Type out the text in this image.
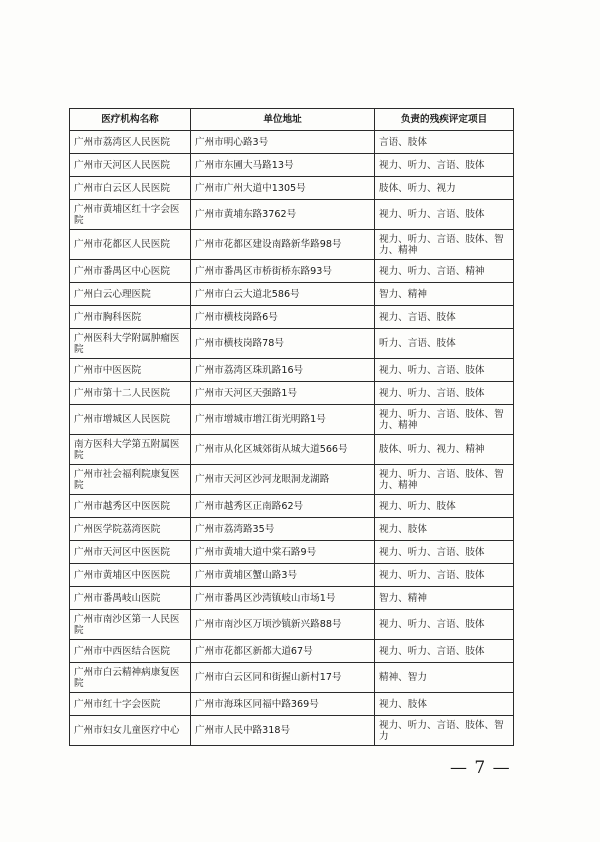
医疗机构名称	单位地址	负责的残疾评定项目
广州市荔湾区人民医院	广州市明心路3号	言语、肢体
广州市天河区人民医院	广州市东圃大马路13号	视力、听力、言语、肢体
广州市白云区人民医院	广州市广州大道中1305号	肢体、听力、视力
广州市黄埔区红十字会医院	广州市黄埔东路3762号	视力、听力、言语、肢体
广州市花都区人民医院	广州市花都区建设南路新华路98号	视力、听力、言语、肢体、智力、精神
广州市番禺区中心医院	广州市番禺区市桥街桥东路93号	视力、听力、言语、精神
广州白云心理医院	广州市白云大道北586号	智力、精神
广州市胸科医院	广州市横枝岗路6号	视力、言语、肢体
广州医科大学附属肿瘤医院	广州市横枝岗路78号	听力、言语、肢体
广州市中医医院	广州市荔湾区珠玑路16号	视力、听力、言语、肢体
广州市第十二人民医院	广州市天河区天强路1号	视力、听力、言语、肢体
广州市增城区人民医院	广州市增城市增江街光明路1号	视力、听力、言语、肢体、智力、精神
南方医科大学第五附属医院	广州市从化区城郊街从城大道566号	肢体、听力、视力、精神
广州市社会福利院康复医院	广州市天河区沙河龙眼洞龙湖路	视力、听力、言语、肢体、智力、精神
广州市越秀区中医医院	广州市越秀区正南路62号	视力、听力、肢体
广州医学院荔湾医院	广州市荔湾路35号	视力、肢体
广州市天河区中医医院	广州市黄埔大道中棠石路9号	视力、听力、言语、肢体
广州市黄埔区中医医院	广州市黄埔区蟹山路3号	视力、听力、言语、肢体
广州市番禺岐山医院	广州市番禺区沙湾镇岐山市场1号	智力、精神
广州市南沙区第一人民医院	广州市南沙区万顷沙镇新兴路88号	视力、听力、言语、肢体
广州市中西医结合医院	广州市花都区新都大道67号	视力、听力、言语、肢体
广州市白云精神病康复医院	广州市白云区同和街握山新村17号	精神、智力
广州市红十字会医院	广州市海珠区同福中路369号	视力、肢体
广州市妇女儿童医疗中心	广州市人民中路318号	视力、听力、言语、肢体、智力
— 7 —
